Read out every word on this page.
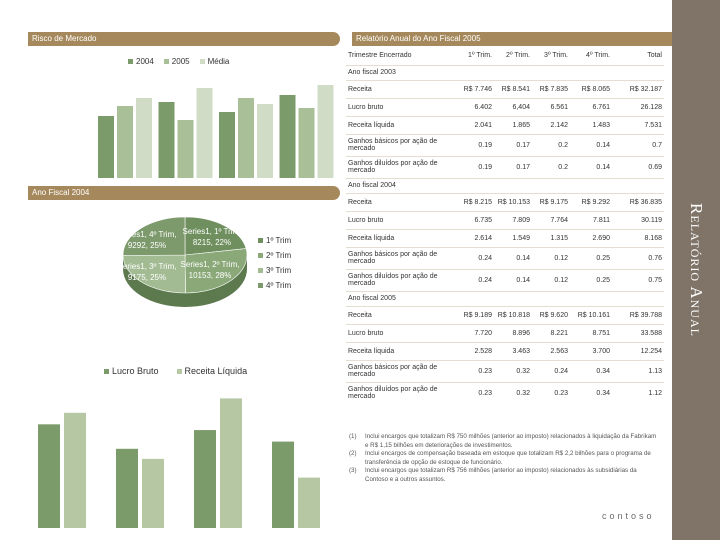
Relatório Anual
Risco de Mercado	Relatório Anual do Ano Fiscal 2005
Ano Fiscal 2004
2004 2005 Média
Series1, 4º Trim, 9292, 25%
Series1, 1º Trim, 8215, 22%
Series1, 3º Trim, 9175, 25%
Series1, 2º Trim, 10153, 28%
1º Trim
2º Trim
3º Trim
4º Trim
Lucro Bruto	Receita Líquida
Trimestre Encerrado	1º Trim.	2º Trim.	3º Trim.	4º Trim.	Total
Ano fiscal 2003					
Receita	R$ 7.746	R$ 8.541	R$ 7.835	R$ 8.065	R$ 32.187
Lucro bruto	6.402	6,404	6.561	6.761	26.128
Receita líquida	2.041	1.865	2.142	1.483	7.531
Ganhos básicos por ação de mercado	0.19	0.17	0.2	0.14	0.7
Ganhos diluídos por ação de mercado	0.19	0.17	0.2	0.14	0.69
Ano fiscal 2004					
Receita	R$ 8.215	R$ 10.153	R$ 9.175	R$ 9.292	R$ 36.835
Lucro bruto	6.735	7.809	7.764	7.811	30.119
Receita líquida	2.614	1.549	1.315	2.690	8.168
Ganhos básicos por ação de mercado	0.24	0.14	0.12	0.25	0.76
Ganhos diluídos por ação de mercado	0.24	0.14	0.12	0.25	0.75
Ano fiscal 2005					
Receita	R$ 9.189	R$ 10.818	R$ 9.620	R$ 10.161	R$ 39.788
Lucro bruto	7.720	8.896	8.221	8.751	33.588
Receita líquida	2.528	3.463	2.563	3.700	12.254
Ganhos básicos por ação de mercado	0.23	0.32	0.24	0.34	1.13
Ganhos diluídos por ação de mercado	0.23	0.32	0.23	0.34	1.12
(1)	Inclui encargos que totalizam R$ 750 milhões (anterior ao imposto) relacionados à liquidação da Fabrikam e R$ 1,15 bilhões em deteriorações de investimentos.
(2)	Inclui encargos de compensação baseada em estoque que totalizam R$ 2,2 bilhões para o programa de transferência de opção de estoque de funcionário.
(3)	Inclui encargos que totalizam R$ 756 milhões (anterior ao imposto) relacionados às subsidiárias da Contoso e a outros assuntos.
contoso
